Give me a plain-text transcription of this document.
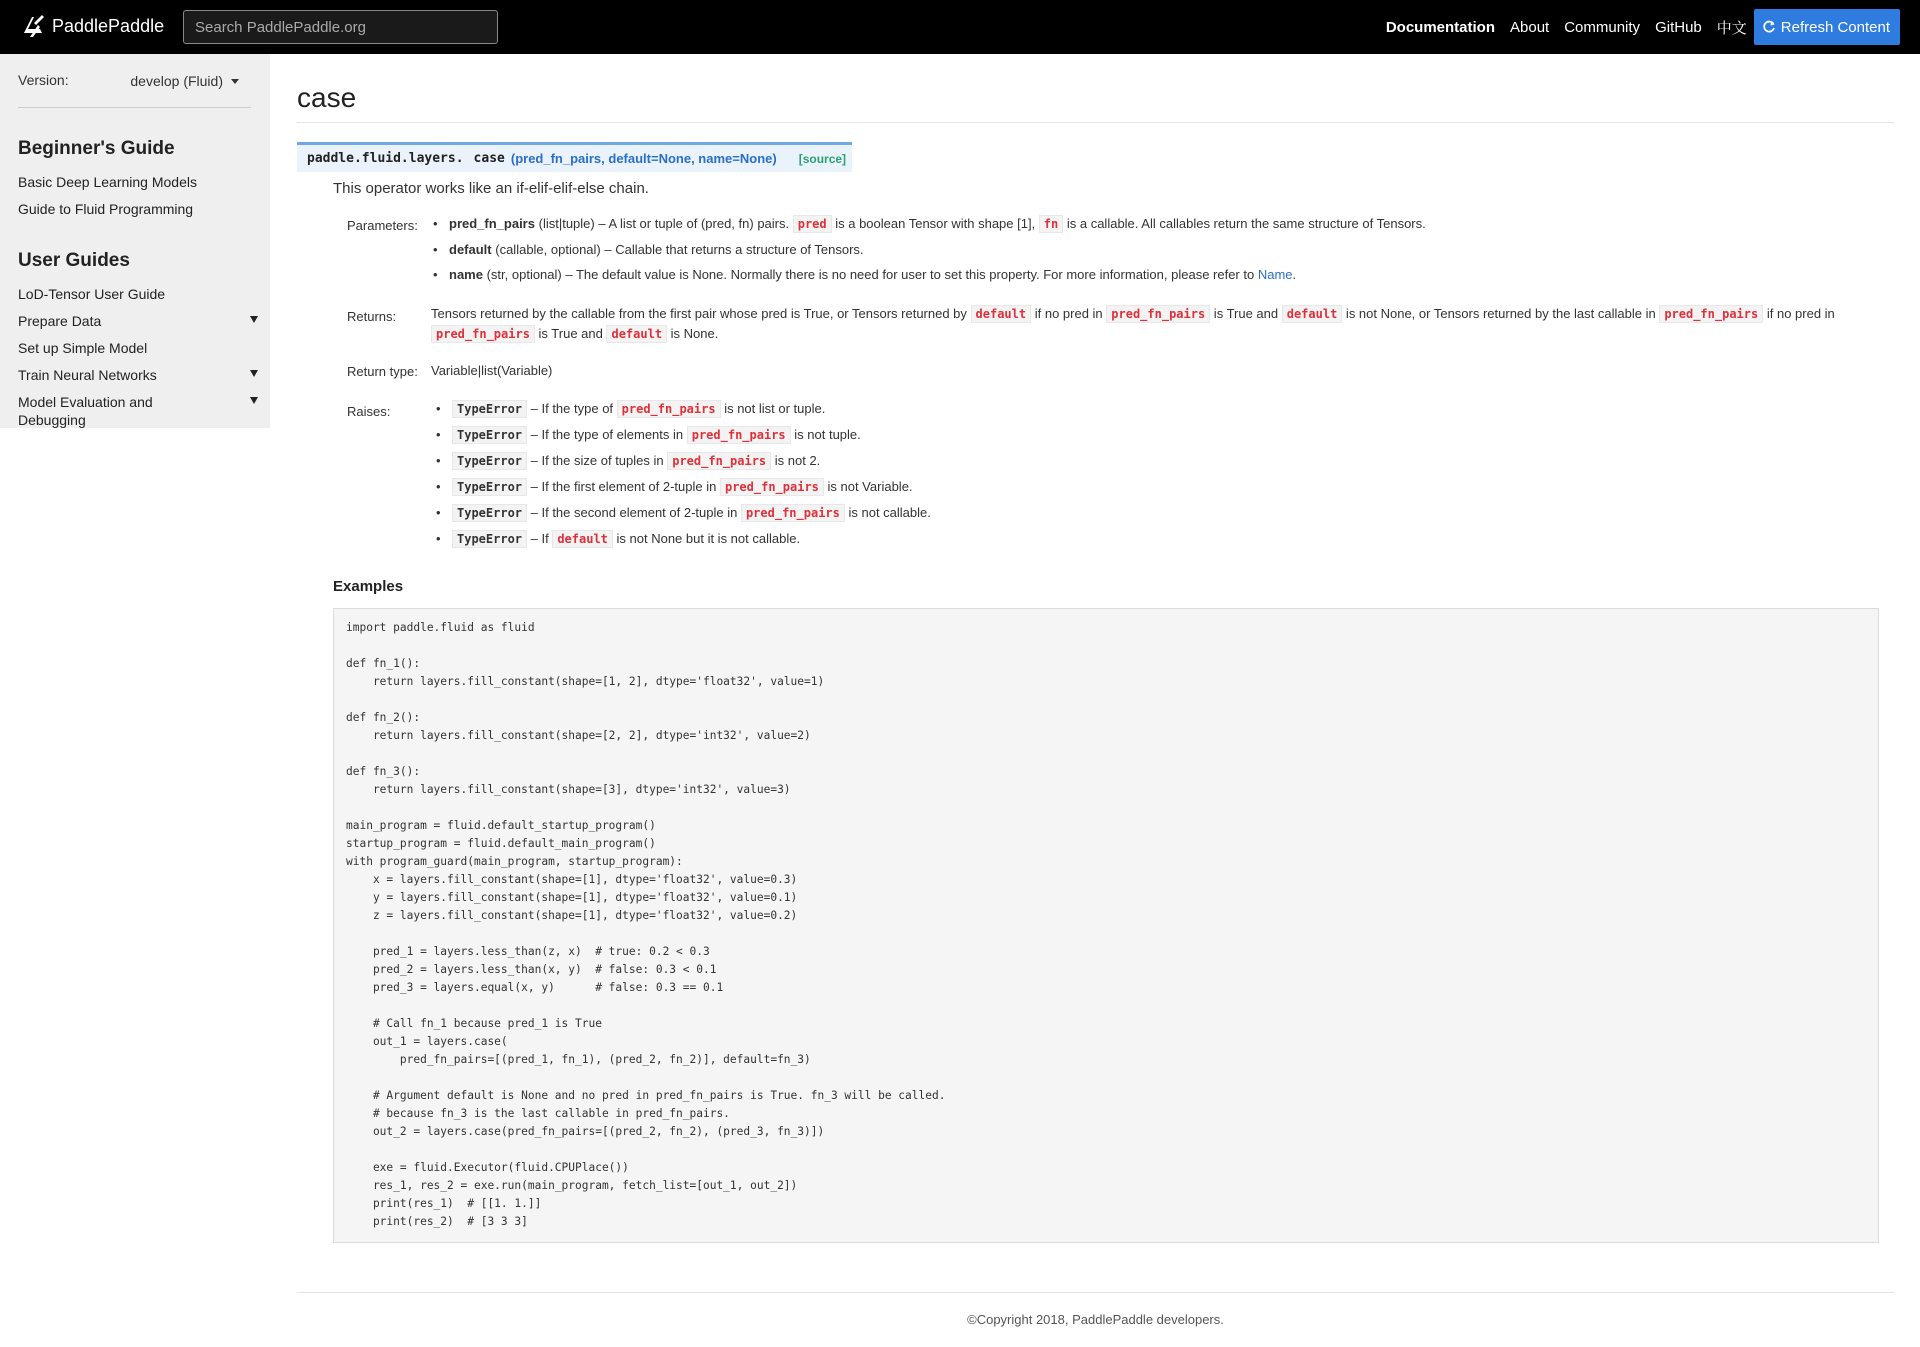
PaddlePaddle
Search PaddlePaddle.org	Documentation About Community GitHub 中文 Refresh Content
Version:	develop (Fluid)
Beginner's Guide
Basic Deep Learning Models
Guide to Fluid Programming
User Guides
LoD-Tensor User Guide
Prepare Data
Set up Simple Model
Train Neural Networks
Model Evaluation and Debugging
case
paddle.fluid.layers. case (pred_fn_pairs, default=None, name=None) [source]
This operator works like an if-elif-elif-else chain.
Parameters:	• pred_fn_pairs (list|tuple) – A list or tuple of (pred, fn) pairs. pred is a boolean Tensor with shape [1], fn is a callable. All callables return the same structure of Tensors.
• default (callable, optional) – Callable that returns a structure of Tensors.
• name (str, optional) – The default value is None. Normally there is no need for user to set this property. For more information, please refer to Name.
Returns:	Tensors returned by the callable from the first pair whose pred is True, or Tensors returned by default if no pred in pred_fn_pairs is True and default is not None, or Tensors returned by the last callable in pred_fn_pairs if no pred in pred_fn_pairs is True and default is None.
Return type: Variable|list(Variable)
Raises:	• TypeError – If the type of pred_fn_pairs is not list or tuple.
• TypeError – If the type of elements in pred_fn_pairs is not tuple.
• TypeError – If the size of tuples in pred_fn_pairs is not 2.
• TypeError – If the first element of 2-tuple in pred_fn_pairs is not Variable.
• TypeError – If the second element of 2-tuple in pred_fn_pairs is not callable.
• TypeError – If default is not None but it is not callable.
Examples
import paddle.fluid as fluid

def fn_1():
return layers.fill_constant(shape=[1, 2], dtype='float32', value=1)

def fn_2():
return layers.fill_constant(shape=[2, 2], dtype='int32', value=2)

def fn_3():
return layers.fill_constant(shape=[3], dtype='int32', value=3)

main_program = fluid.default_startup_program()
startup_program = fluid.default_main_program()
with program_guard(main_program, startup_program):
x = layers.fill_constant(shape=[1], dtype='float32', value=0.3)
y = layers.fill_constant(shape=[1], dtype='float32', value=0.1)
z = layers.fill_constant(shape=[1], dtype='float32', value=0.2)

pred_1 = layers.less_than(z, x)  # true: 0.2 < 0.3
pred_2 = layers.less_than(x, y)  # false: 0.3 < 0.1
pred_3 = layers.equal(x, y)      # false: 0.3 == 0.1

# Call fn_1 because pred_1 is True
out_1 = layers.case(
pred_fn_pairs=[(pred_1, fn_1), (pred_2, fn_2)], default=fn_3)

# Argument default is None and no pred in pred_fn_pairs is True. fn_3 will be called.
# because fn_3 is the last callable in pred_fn_pairs.
out_2 = layers.case(pred_fn_pairs=[(pred_2, fn_2), (pred_3, fn_3)])

exe = fluid.Executor(fluid.CPUPlace())
res_1, res_2 = exe.run(main_program, fetch_list=[out_1, out_2])
print(res_1)  # [[1. 1.]]
print(res_2)  # [3 3 3]
©Copyright 2018, PaddlePaddle developers.
